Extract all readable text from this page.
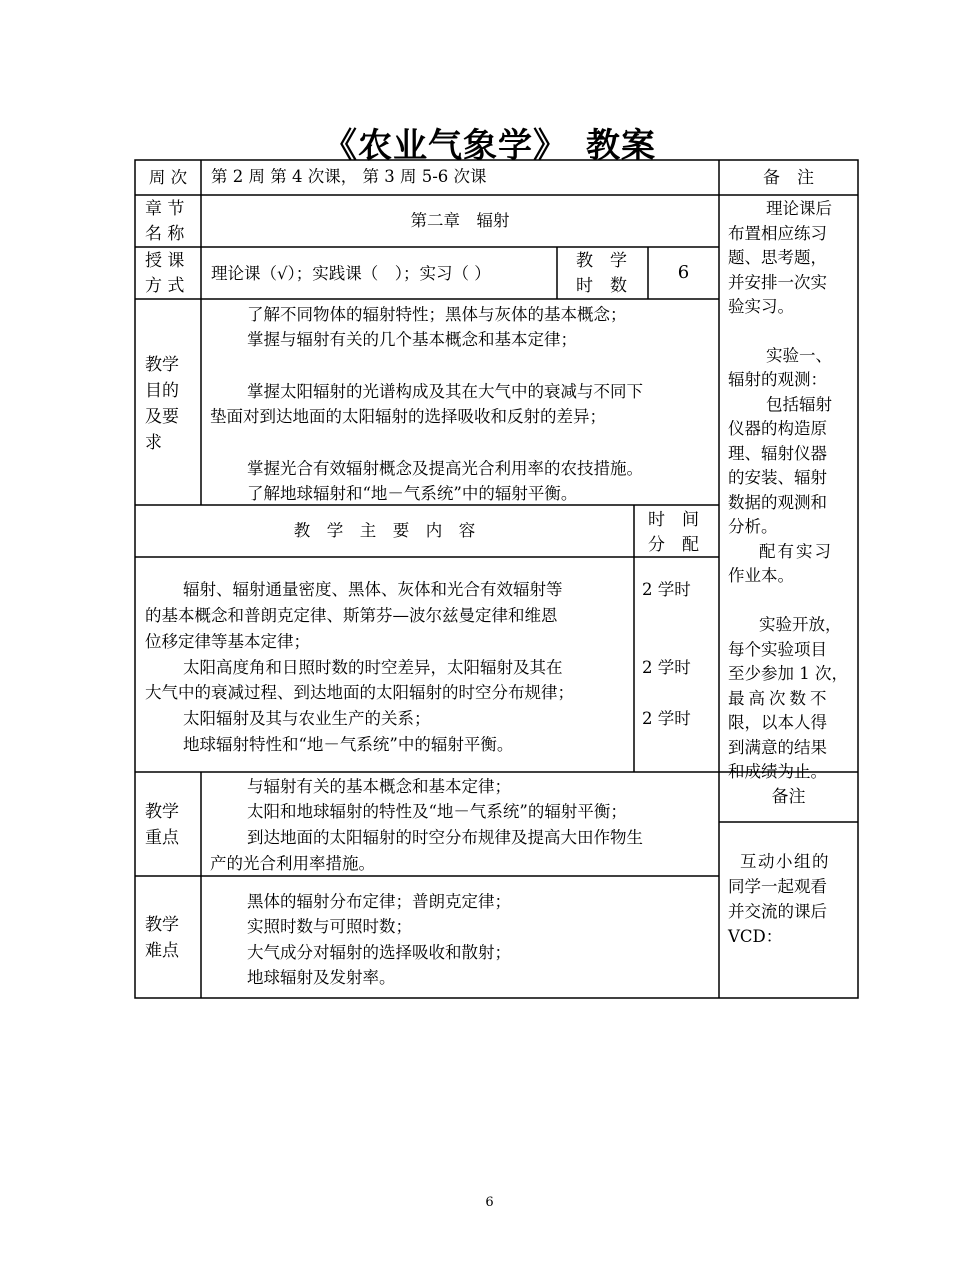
《农业气象学》　教案
周 次	第 2 周 第 4 次课， 第 3 周 5-6 次课	备　注
章 节
名 称
第二章　辐射
授 课
方 式
理论课（√）；实践课（　）；实习（ ）
教　学
时　数
6
教学
目的
及要
求
了解不同物体的辐射特性；黑体与灰体的基本概念；
掌握与辐射有关的几个基本概念和基本定律；
掌握太阳辐射的光谱构成及其在大气中的衰减与不同下
垫面对到达地面的太阳辐射的选择吸收和反射的差异；
掌握光合有效辐射概念及提高光合利用率的农技措施。
了解地球辐射和“地－气系统”中的辐射平衡。
教　学　主　要　内　容
时　间
分　配
辐射、辐射通量密度、黑体、灰体和光合有效辐射等
的基本概念和普朗克定律、斯第芬—波尔兹曼定律和维恩
位移定律等基本定律；
太阳高度角和日照时数的时空差异，太阳辐射及其在
大气中的衰减过程、到达地面的太阳辐射的时空分布规律；
太阳辐射及其与农业生产的关系；
地球辐射特性和“地－气系统”中的辐射平衡。
2 学时
2 学时
2 学时
教学
重点
与辐射有关的基本概念和基本定律；
太阳和地球辐射的特性及“地－气系统”的辐射平衡；
到达地面的太阳辐射的时空分布规律及提高大田作物生
产的光合利用率措施。
教学
难点
黑体的辐射分布定律；普朗克定律；
实照时数与可照时数；
大气成分对辐射的选择吸收和散射；
地球辐射及发射率。
理论课后
布置相应练习
题、思考题，
并安排一次实
验实习。
实验一、
辐射的观测：
包括辐射
仪器的构造原
理、辐射仪器
的安装、辐射
数据的观测和
分析。
配有实习
作业本。
实验开放，
每个实验项目
至少参加 1 次，
最高次数不
限，以本人得
到满意的结果
和成绩为止。
备注
互动小组的
同学一起观看
并交流的课后
VCD：
6
